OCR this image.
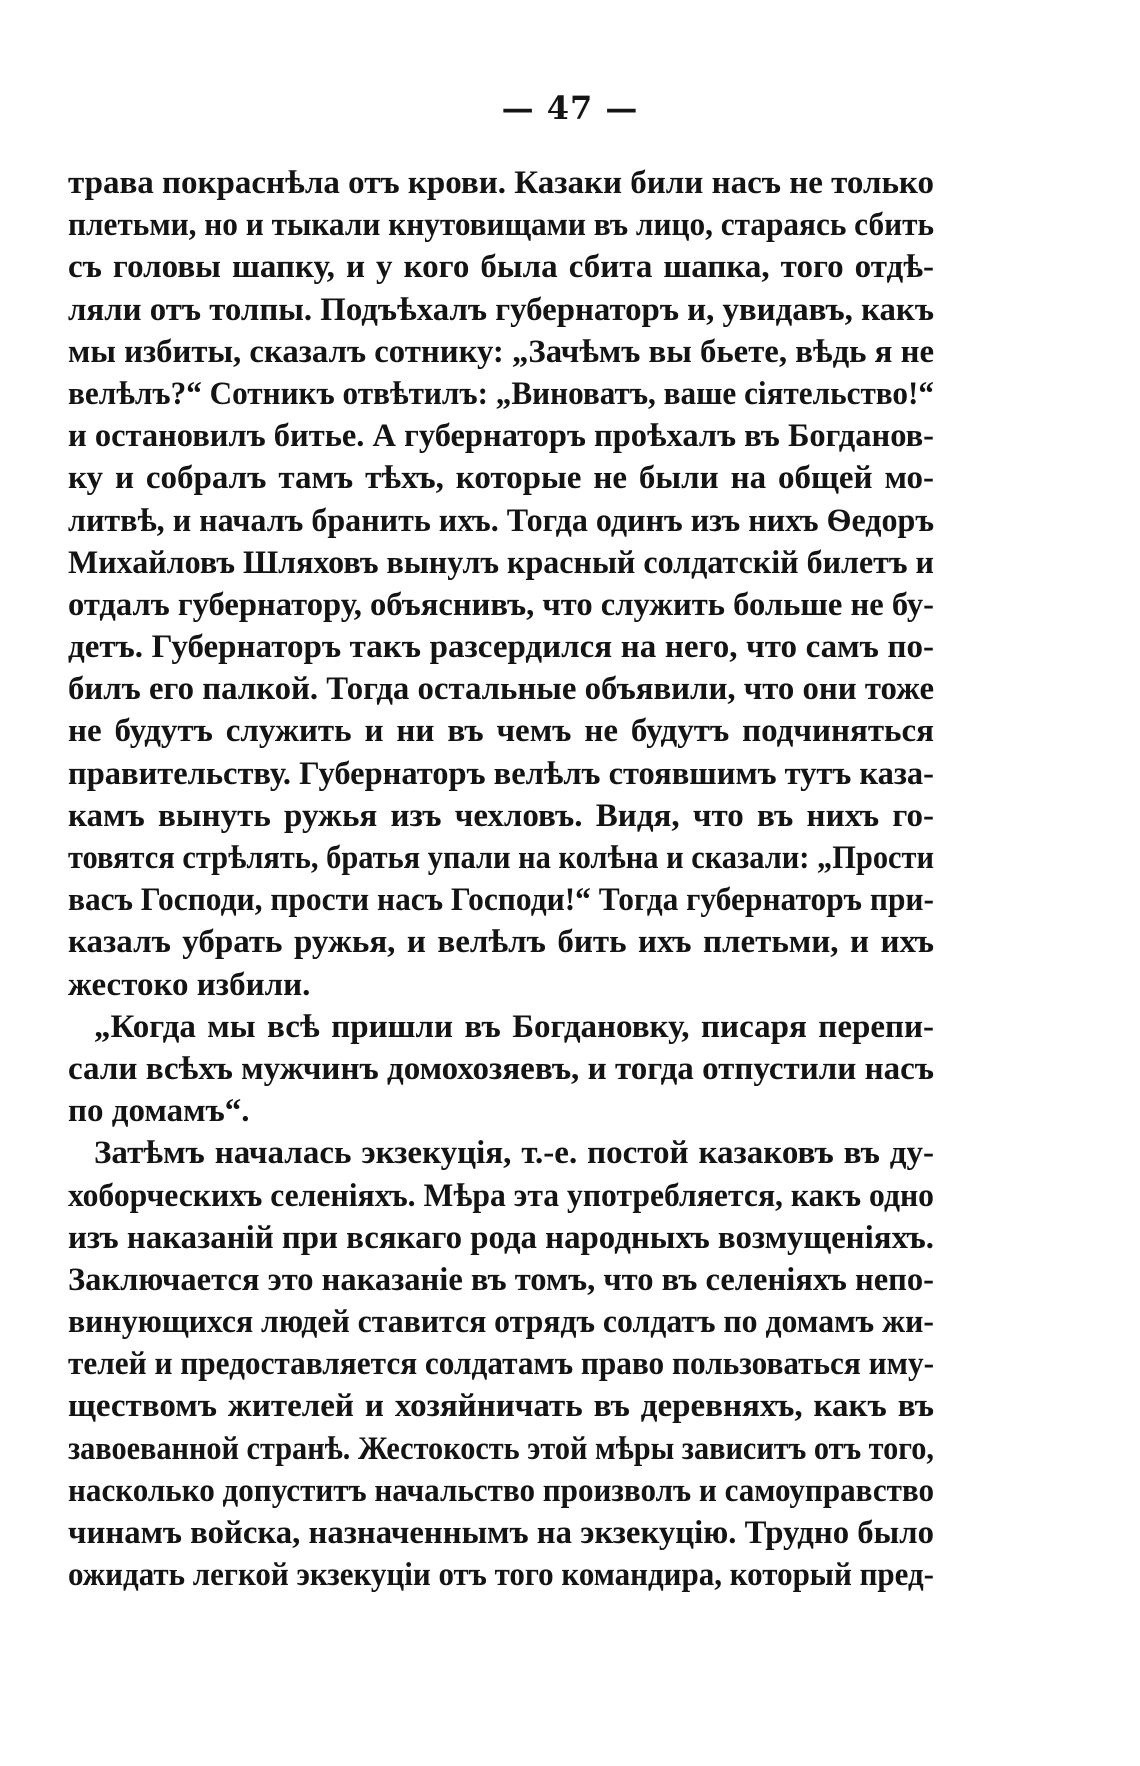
— 47 —
трава покраснѣла отъ крови. Казаки били насъ не только
плетьми, но и тыкали кнутовищами въ лицо, стараясь сбить
съ головы шапку, и у кого была сбита шапка, того отдѣ-
ляли отъ толпы. Подъѣхалъ губернаторъ и, увидавъ, какъ
мы избиты, сказалъ сотнику: „Зачѣмъ вы бьете, вѣдь я не
велѣлъ?“ Сотникъ отвѣтилъ: „Виноватъ, ваше сіятельство!“
и остановилъ битье. А губернаторъ проѣхалъ въ Богданов-
ку и собралъ тамъ тѣхъ, которые не были на общей мо-
литвѣ, и началъ бранить ихъ. Тогда одинъ изъ нихъ Ѳедоръ
Михайловъ Шляховъ вынулъ красный солдатскій билетъ и
отдалъ губернатору, объяснивъ, что служить больше не бу-
детъ. Губернаторъ такъ разсердился на него, что самъ по-
билъ его палкой. Тогда остальные объявили, что они тоже
не будутъ служить и ни въ чемъ не будутъ подчиняться
правительству. Губернаторъ велѣлъ стоявшимъ тутъ каза-
камъ вынуть ружья изъ чехловъ. Видя, что въ нихъ го-
товятся стрѣлять, братья упали на колѣна и сказали: „Прости
васъ Господи, прости насъ Господи!“ Тогда губернаторъ при-
казалъ убрать ружья, и велѣлъ бить ихъ плетьми, и ихъ
жестоко избили.
„Когда мы всѣ пришли въ Богдановку, писаря перепи-
сали всѣхъ мужчинъ домохозяевъ, и тогда отпустили насъ
по домамъ“.
Затѣмъ началась экзекуція, т.-е. постой казаковъ въ ду-
хоборческихъ селеніяхъ. Мѣра эта употребляется, какъ одно
изъ наказаній при всякаго рода народныхъ возмущеніяхъ.
Заключается это наказаніе въ томъ, что въ селеніяхъ непо-
винующихся людей ставится отрядъ солдатъ по домамъ жи-
телей и предоставляется солдатамъ право пользоваться иму-
ществомъ жителей и хозяйничать въ деревняхъ, какъ въ
завоеванной странѣ. Жестокость этой мѣры зависитъ отъ того,
насколько допуститъ начальство произволъ и самоуправство
чинамъ войска, назначеннымъ на экзекуцію. Трудно было
ожидать легкой экзекуціи отъ того командира, который пред-
